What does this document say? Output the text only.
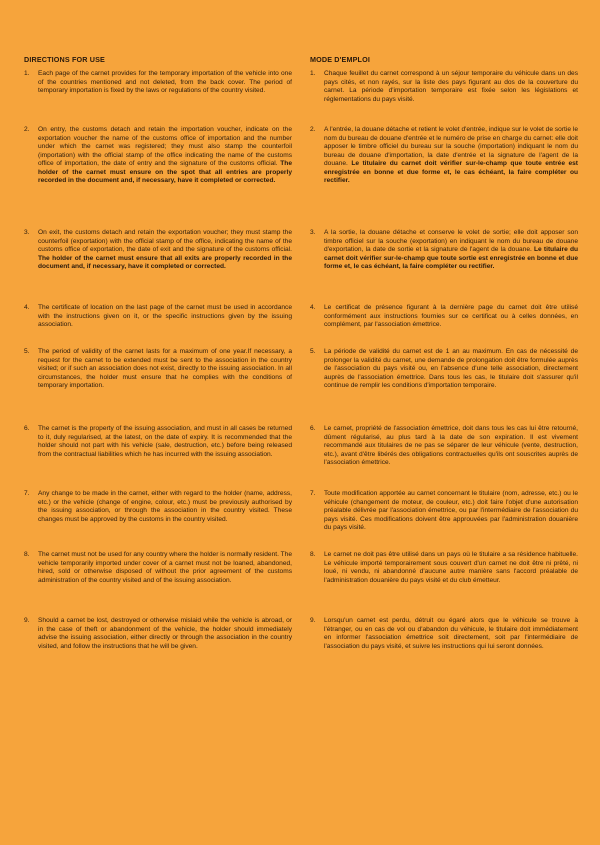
DIRECTIONS FOR USE
1.	Each page of the carnet provides for the temporary importation of the vehicle into one of the countries mentioned and not deleted, from the back cover. The period of temporary importation is fixed by the laws or regulations of the country visited.
2.	On entry, the customs detach and retain the importation voucher, indicate on the exportation voucher the name of the customs office of importation and the number under which the carnet was registered; they must also stamp the counterfoil (importation) with the official stamp of the office indicating the name of the customs office of importation, the date of entry and the signature of the customs official. The holder of the carnet must ensure on the spot that all entries are properly recorded in the document and, if necessary, have it completed or corrected.
3.	On exit, the customs detach and retain the exportation voucher; they must stamp the counterfoil (exportation) with the official stamp of the office, indicating the name of the customs office of exportation, the date of exit and the signature of the customs official. The holder of the carnet must ensure that all exits are properly recorded in the document and, if necessary, have it completed or corrected.
4.	The certificate of location on the last page of the carnet must be used in accordance with the instructions given on it, or the specific instructions given by the issuing association.
5.	The period of validity of the carnet lasts for a maximum of one year.If necessary, a request for the carnet to be extended must be sent to the association in the country visited; or if such an association does not exist, directly to the issuing association. In all circumstances, the holder must ensure that he complies with the conditions of temporary importation.
6.	The carnet is the property of the issuing association, and must in all cases be returned to it, duly regularised, at the latest, on the date of expiry. It is recommended that the holder should not part with his vehicle (sale, destruction, etc.) before being released from the contractual liabilities which he has incurred with the issuing association.
7.	Any change to be made in the carnet, either with regard to the holder (name, address, etc.) or the vehicle (change of engine, colour, etc.) must be previously authorised by the issuing association, or through the association in the country visited. These changes must be approved by the customs in the country visited.
8.	The carnet must not be used for any country where the holder is normally resident. The vehicle temporarily imported under cover of a carnet must not be loaned, abandoned, hired, sold or otherwise disposed of without the prior agreement of the customs administration of the country visited and of the issuing association.
9.	Should a carnet be lost, destroyed or otherwise mislaid while the vehicle is abroad, or in the case of theft or abandonment of the vehicle, the holder should immediately advise the issuing association, either directly or through the association in the country visited, and follow the instructions that he will be given.
MODE D'EMPLOI
1.	Chaque feuillet du carnet correspond à un séjour temporaire du véhicule dans un des pays cités, et non rayés, sur la liste des pays figurant au dos de la couverture du carnet. La période d'importation temporaire est fixée selon les législations et réglementations du pays visité.
2.	A l'entrée, la douane détache et retient le volet d'entrée, indique sur le volet de sortie le nom du bureau de douane d'entrée et le numéro de prise en charge du carnet: elle doit apposer le timbre officiel du bureau sur la souche (importation) indiquant le nom du bureau de douane d'importation, la date d'entrée et la signature de l'agent de la douane. Le titulaire du carnet doit vérifier sur-le-champ que toute entrée est enregistrée en bonne et due forme et, le cas échéant, la faire compléter ou rectifier.
3.	A la sortie, la douane détache et conserve le volet de sortie; elle doit apposer son timbre officiel sur la souche (exportation) en indiquant le nom du bureau de douane d'exportation, la date de sortie et la signature de l'agent de la douane. Le titulaire du carnet doit vérifier sur-le-champ que toute sortie est enregistrée en bonne et due forme et, le cas échéant, la faire compléter ou rectifier.
4.	Le certificat de présence figurant à la dernière page du carnet doit être utilisé conformément aux instructions fournies sur ce certificat ou à celles données, en complément, par l'association émettrice.
5.	La période de validité du carnet est de 1 an au maximum. En cas de nécessité de prolonger la validité du carnet, une demande de prolongation doit être formulée auprès de l'association du pays visité ou, en l'absence d'une telle association, directement auprès de l'association émettrice. Dans tous les cas, le titulaire doit s'assurer qu'il continue de remplir les conditions d'importation temporaire.
6.	Le carnet, propriété de l'association émettrice, doit dans tous les cas lui être retourné, dûment régularisé, au plus tard à la date de son expiration. Il est vivement recommandé aux titulaires de ne pas se séparer de leur véhicule (vente, destruction, etc.), avant d'être libérés des obligations contractuelles qu'ils ont souscrites auprès de l'association émettrice.
7.	Toute modification apportée au carnet concernant le titulaire (nom, adresse, etc.) ou le véhicule (changement de moteur, de couleur, etc.) doit faire l'objet d'une autorisation préalable délivrée par l'association émettrice, ou par l'intermédiaire de l'association du pays visité. Ces modifications doivent être approuvées par l'administration douanière du pays visité.
8.	Le carnet ne doit pas être utilisé dans un pays où le titulaire a sa résidence habituelle. Le véhicule importé temporairement sous couvert d'un carnet ne doit être ni prêté, ni loué, ni vendu, ni abandonné d'aucune autre manière sans l'accord préalable de l'administration douanière du pays visité et du club émetteur.
9.	Lorsqu'un carnet est perdu, détruit ou égaré alors que le véhicule se trouve à l'étranger, ou en cas de vol ou d'abandon du véhicule, le titulaire doit immédiatement en informer l'association émettrice soit directement, soit par l'intermédiaire de l'association du pays visité, et suivre les instructions qui lui seront données.
